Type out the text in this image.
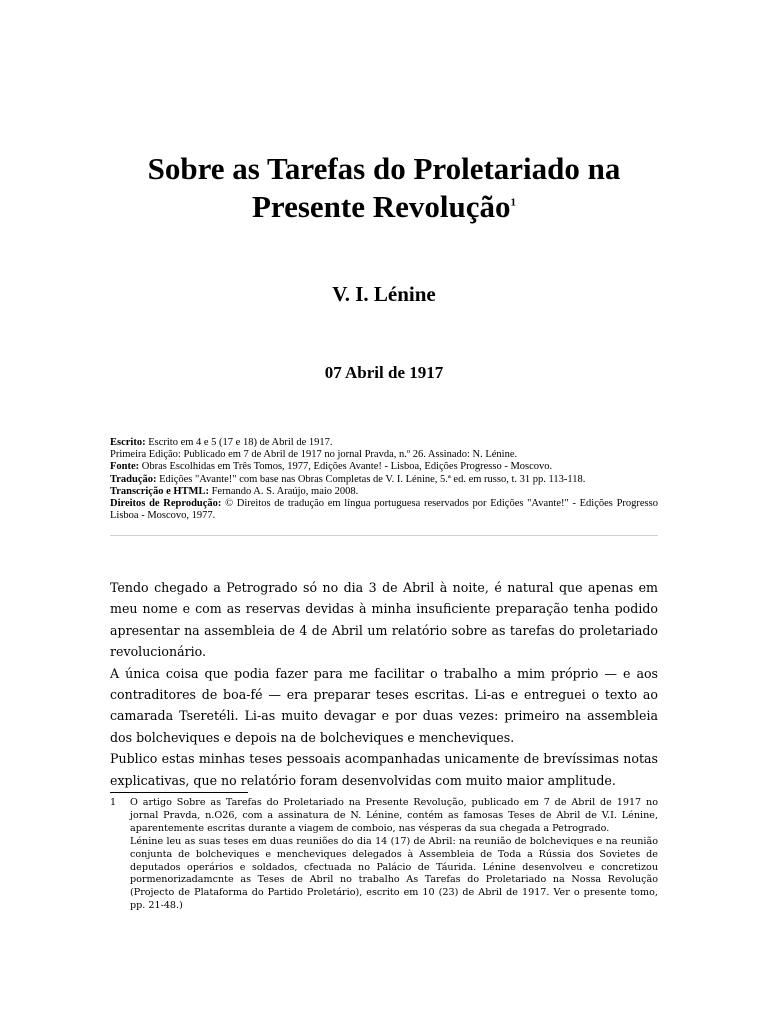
Sobre as Tarefas do Proletariado na
Presente Revolução$^1$
V. I. Lénine
07 Abril de 1917
Escrito: Escrito em 4 e 5 (17 e 18) de Abril de 1917.
Primeira Edição: Publicado em 7 de Abril de 1917 no jornal Pravda, n.º 26. Assinado: N. Lénine.
Fonte: Obras Escolhidas em Três Tomos, 1977, Edições Avante! - Lisboa, Edições Progresso - Moscovo.
Tradução: Edições "Avante!" com base nas Obras Completas de V. I. Lénine, 5.ª ed. em russo, t. 31 pp. 113-118.
Transcrição e HTML: Fernando A. S. Araújo, maio 2008.
Direitos de Reprodução: © Direitos de tradução em língua portuguesa reservados por Edições "Avante!" - Edições Progresso Lisboa - Moscovo, 1977.

Tendo chegado a Petrogrado só no dia 3 de Abril à noite, é natural que apenas em meu nome e com as reservas devidas à minha insuficiente preparação tenha podido apresentar na assembleia de 4 de Abril um relatório sobre as tarefas do proletariado revolucionário.

A única coisa que podia fazer para me facilitar o trabalho a mim próprio — e aos contraditores de boa-fé — era preparar teses escritas. Li-as e entreguei o texto ao camarada Tseretéli. Li-as muito devagar e por duas vezes: primeiro na assembleia dos bolcheviques e depois na de bolcheviques e mencheviques.

Publico estas minhas teses pessoais acompanhadas unicamente de brevíssimas notas explicativas, que no relatório foram desenvolvidas com muito maior amplitude.

1 O artigo Sobre as Tarefas do Proletariado na Presente Revolução, publicado em 7 de Abril de 1917 no jornal Pravda, n.O26, com a assinatura de N. Lénine, contém as famosas Teses de Abril de V.I. Lénine, aparentemente escritas durante a viagem de comboio, nas vésperas da sua chegada a Petrogrado.

Lénine leu as suas teses em duas reuniões do dia 14 (17) de Abril: na reunião de bolcheviques e na reunião conjunta de bolcheviques e mencheviques delegados à Assembleia de Toda a Rússia dos Sovietes de deputados operários e soldados, cfectuada no Palácio de Táurida. Lénine desenvolveu e concretizou pormenorizadamcnte as Teses de Abril no trabalho As Tarefas do Proletariado na Nossa Revolução (Projecto de Plataforma do Partido Proletário), escrito em 10 (23) de Abril de 1917. Ver o presente tomo, pp. 21-48.)
